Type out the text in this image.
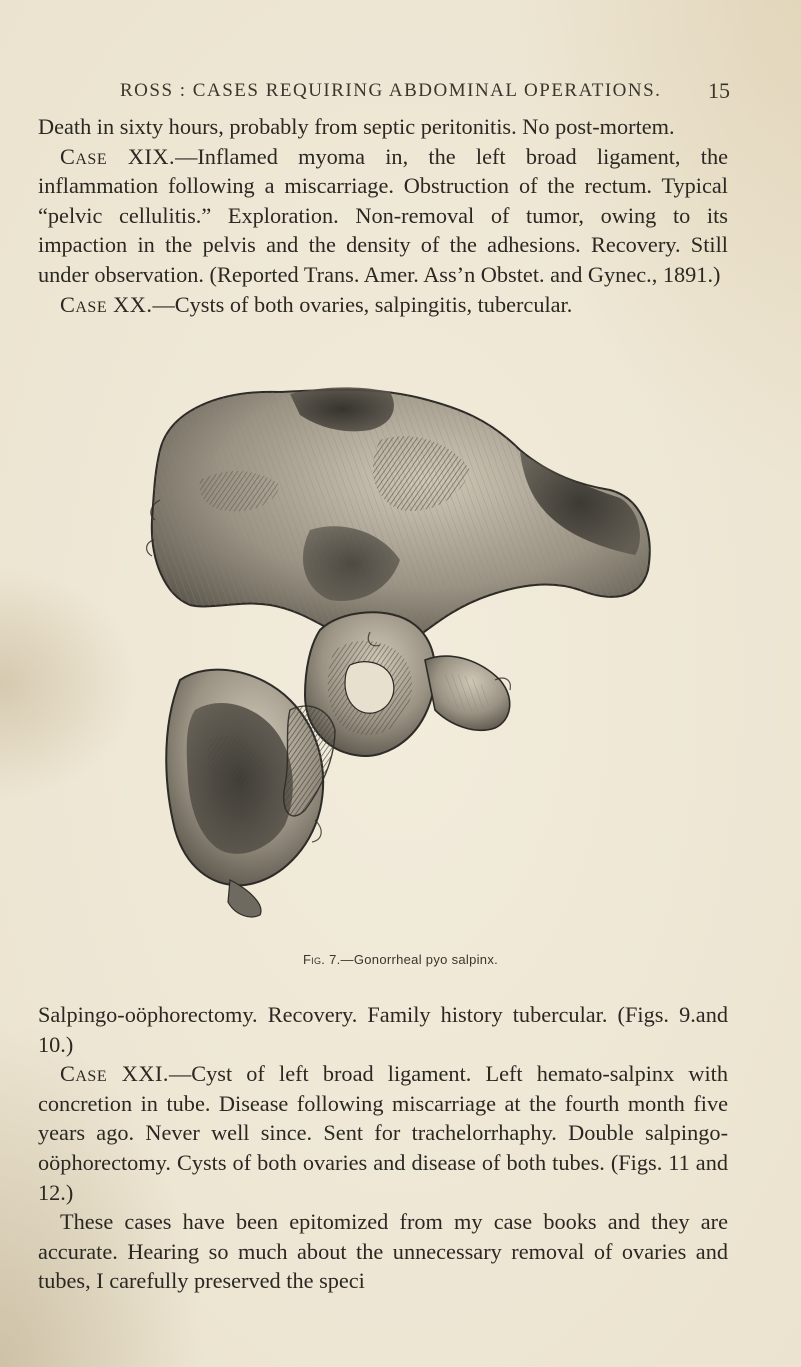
ROSS : CASES REQUIRING ABDOMINAL OPERATIONS. 15

Death in sixty hours, probably from septic peritonitis. No post-mortem.

Case XIX.—Inflamed myoma in, the left broad ligament, the inflammation following a miscarriage. Obstruction of the rectum. Typical “pelvic cellulitis.” Exploration. Non-removal of tumor, owing to its impaction in the pelvis and the density of the adhesions. Recovery. Still under observation. (Reported Trans. Amer. Ass’n Obstet. and Gynec., 1891.)

Case XX.—Cysts of both ovaries, salpingitis, tubercular.

Fig. 7.—Gonorrheal pyo salpinx.

Salpingo-oöphorectomy. Recovery. Family history tubercular. (Figs. 9.and 10.)

Case XXI.—Cyst of left broad ligament. Left hemato-salpinx with concretion in tube. Disease following miscarriage at the fourth month five years ago. Never well since. Sent for trachelorrhaphy. Double salpingo-oöphorectomy. Cysts of both ovaries and disease of both tubes. (Figs. 11 and 12.)

These cases have been epitomized from my case books and they are accurate. Hearing so much about the unnecessary removal of ovaries and tubes, I carefully preserved the speci
